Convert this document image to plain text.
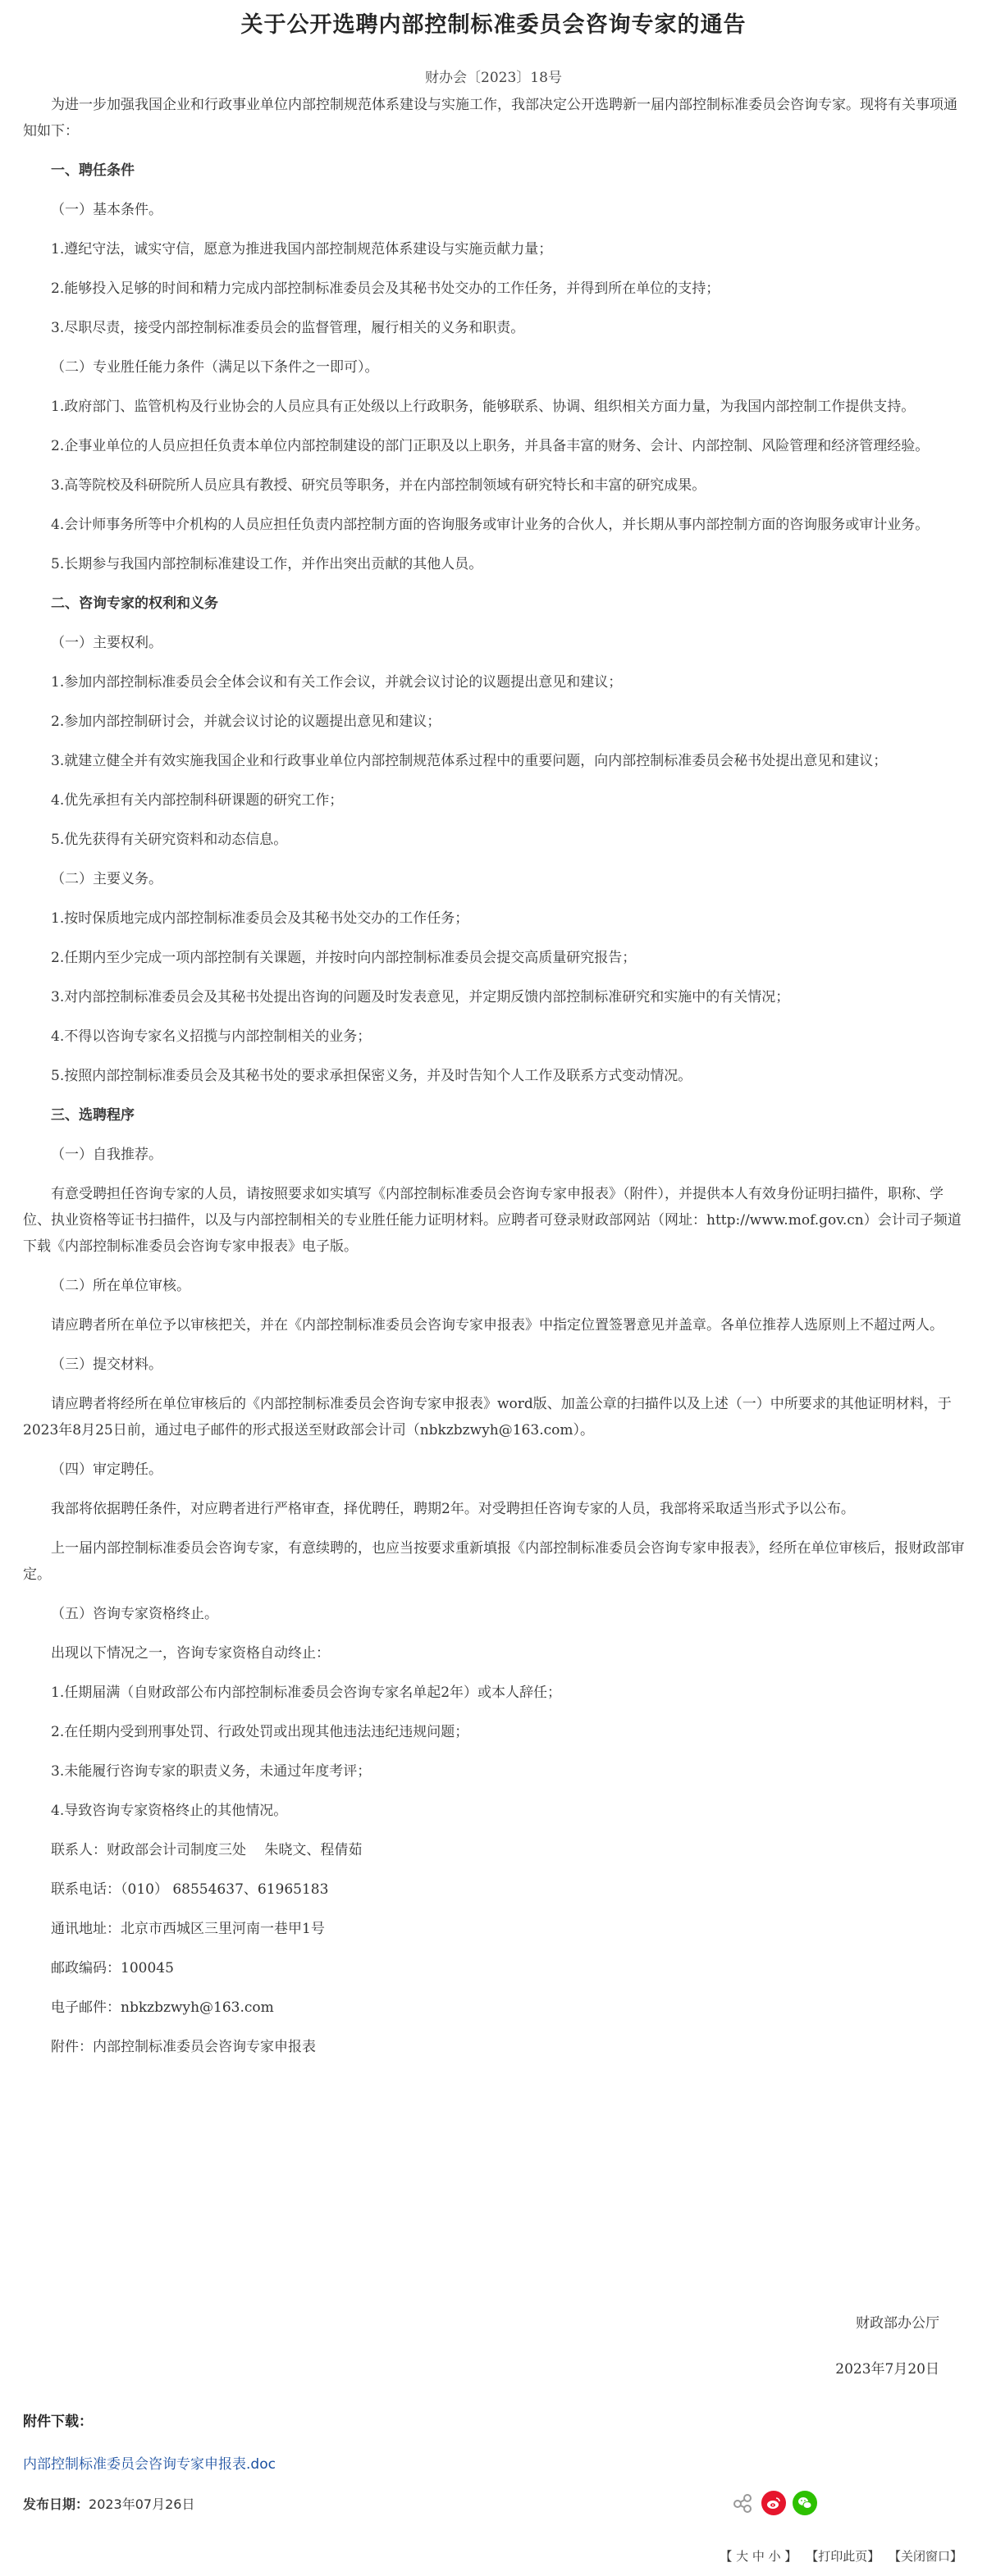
关于公开选聘内部控制标准委员会咨询专家的通告
财办会〔2023〕18号

为进一步加强我国企业和行政事业单位内部控制规范体系建设与实施工作，我部决定公开选聘新一届内部控制标准委员会咨询专家。现将有关事项通知如下：

一、聘任条件

（一）基本条件。

1.遵纪守法，诚实守信，愿意为推进我国内部控制规范体系建设与实施贡献力量；

2.能够投入足够的时间和精力完成内部控制标准委员会及其秘书处交办的工作任务，并得到所在单位的支持；

3.尽职尽责，接受内部控制标准委员会的监督管理，履行相关的义务和职责。

（二）专业胜任能力条件（满足以下条件之一即可）。

1.政府部门、监管机构及行业协会的人员应具有正处级以上行政职务，能够联系、协调、组织相关方面力量，为我国内部控制工作提供支持。

2.企事业单位的人员应担任负责本单位内部控制建设的部门正职及以上职务，并具备丰富的财务、会计、内部控制、风险管理和经济管理经验。

3.高等院校及科研院所人员应具有教授、研究员等职务，并在内部控制领域有研究特长和丰富的研究成果。

4.会计师事务所等中介机构的人员应担任负责内部控制方面的咨询服务或审计业务的合伙人，并长期从事内部控制方面的咨询服务或审计业务。

5.长期参与我国内部控制标准建设工作，并作出突出贡献的其他人员。

二、咨询专家的权利和义务

（一）主要权利。

1.参加内部控制标准委员会全体会议和有关工作会议，并就会议讨论的议题提出意见和建议；

2.参加内部控制研讨会，并就会议讨论的议题提出意见和建议；

3.就建立健全并有效实施我国企业和行政事业单位内部控制规范体系过程中的重要问题，向内部控制标准委员会秘书处提出意见和建议；

4.优先承担有关内部控制科研课题的研究工作；

5.优先获得有关研究资料和动态信息。

（二）主要义务。

1.按时保质地完成内部控制标准委员会及其秘书处交办的工作任务；

2.任期内至少完成一项内部控制有关课题，并按时向内部控制标准委员会提交高质量研究报告；

3.对内部控制标准委员会及其秘书处提出咨询的问题及时发表意见，并定期反馈内部控制标准研究和实施中的有关情况；

4.不得以咨询专家名义招揽与内部控制相关的业务；

5.按照内部控制标准委员会及其秘书处的要求承担保密义务，并及时告知个人工作及联系方式变动情况。

三、选聘程序

（一）自我推荐。

有意受聘担任咨询专家的人员，请按照要求如实填写《内部控制标准委员会咨询专家申报表》（附件），并提供本人有效身份证明扫描件，职称、学位、执业资格等证书扫描件，以及与内部控制相关的专业胜任能力证明材料。应聘者可登录财政部网站（网址：http://www.mof.gov.cn）会计司子频道下载《内部控制标准委员会咨询专家申报表》电子版。

（二）所在单位审核。

请应聘者所在单位予以审核把关，并在《内部控制标准委员会咨询专家申报表》中指定位置签署意见并盖章。各单位推荐人选原则上不超过两人。

（三）提交材料。

请应聘者将经所在单位审核后的《内部控制标准委员会咨询专家申报表》word版、加盖公章的扫描件以及上述（一）中所要求的其他证明材料，于2023年8月25日前，通过电子邮件的形式报送至财政部会计司（nbkzbzwyh@163.com）。

（四）审定聘任。

我部将依据聘任条件，对应聘者进行严格审查，择优聘任，聘期2年。对受聘担任咨询专家的人员，我部将采取适当形式予以公布。

上一届内部控制标准委员会咨询专家，有意续聘的，也应当按要求重新填报《内部控制标准委员会咨询专家申报表》，经所在单位审核后，报财政部审定。

（五）咨询专家资格终止。

出现以下情况之一，咨询专家资格自动终止：

1.任期届满（自财政部公布内部控制标准委员会咨询专家名单起2年）或本人辞任；

2.在任期内受到刑事处罚、行政处罚或出现其他违法违纪违规问题；

3.未能履行咨询专家的职责义务，未通过年度考评；

4.导致咨询专家资格终止的其他情况。

联系人：财政部会计司制度三处　 朱晓文、程倩茹

联系电话：（010） 68554637、61965183

通讯地址：北京市西城区三里河南一巷甲1号

邮政编码：100045

电子邮件：nbkzbzwyh@163.com

附件：内部控制标准委员会咨询专家申报表

财政部办公厅
2023年7月20日
附件下载：
内部控制标准委员会咨询专家申报表.doc
发布日期：2023年07月26日
【 大 中 小 】 【打印此页】 【关闭窗口】
